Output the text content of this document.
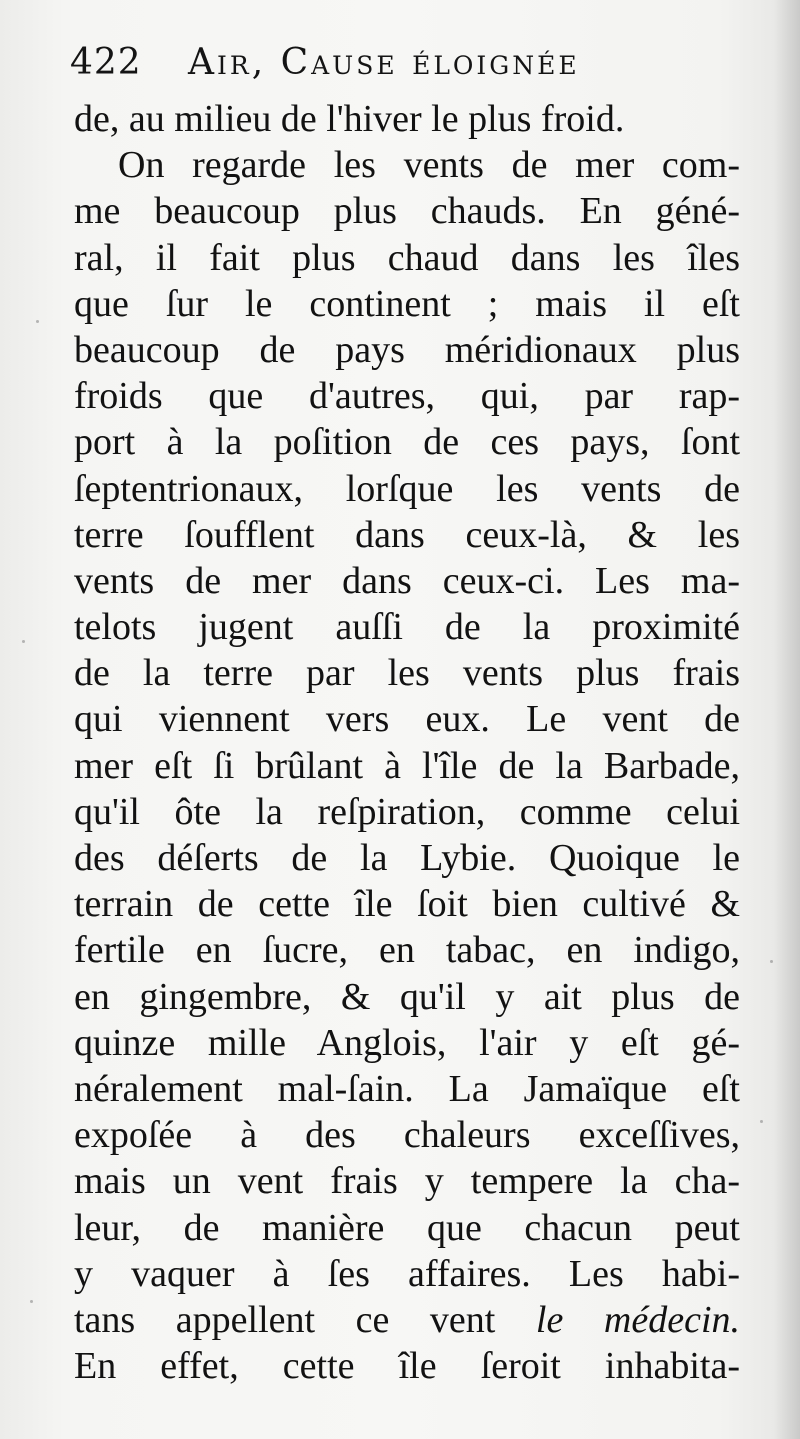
422 Air, Cause éloignée
de, au milieu de l'hiver le plus froid.
On regarde les vents de mer com-
me beaucoup plus chauds. En géné-
ral, il fait plus chaud dans les îles
que ſur le continent ; mais il eſt
beaucoup de pays méridionaux plus
froids que d'autres, qui, par rap-
port à la poſition de ces pays, ſont
ſeptentrionaux, lorſque les vents de
terre ſoufflent dans ceux-là, & les
vents de mer dans ceux-ci. Les ma-
telots jugent auſſi de la proximité
de la terre par les vents plus frais
qui viennent vers eux. Le vent de
mer eſt ſi brûlant à l'île de la Barbade,
qu'il ôte la reſpiration, comme celui
des déſerts de la Lybie. Quoique le
terrain de cette île ſoit bien cultivé &
fertile en ſucre, en tabac, en indigo,
en gingembre, & qu'il y ait plus de
quinze mille Anglois, l'air y eſt gé-
néralement mal-ſain. La Jamaïque eſt
expoſée à des chaleurs exceſſives,
mais un vent frais y tempere la cha-
leur, de manière que chacun peut
y vaquer à ſes affaires. Les habi-
tans appellent ce vent le médecin.
En effet, cette île ſeroit inhabita-
